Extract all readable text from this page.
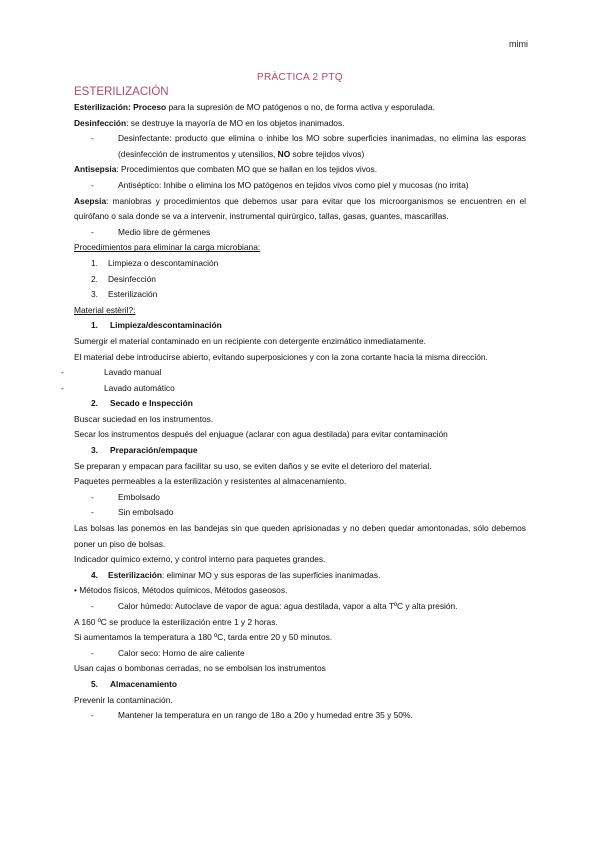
mimi
PRÀCTICA 2 PTQ
ESTERILIZACIÓN

Esterilización: Proceso para la supresión de MO patógenos o no, de forma activa y esporulada.

Desinfección: se destruye la mayoría de MO en los objetos inanimados.

-	Desinfectante: producto que elimina o inhibe los MO sobre superficies inanimadas, no elimina las esporas (desinfección de instrumentos y utensilios, NO sobre tejidos vivos)

Antisepsia: Procedimientos que combaten MO que se hallan en los tejidos vivos.

-	Antiséptico: Inhibe o elimina los MO patógenos en tejidos vivos como piel y mucosas (no irrita)

Asepsia: maniobras y procedimientos que debemos usar para evitar que los microorganismos se encuentren en el quirófano o sala donde se va a intervenir, instrumental quirúrgico, tallas, gasas, guantes, mascarillas.

-	Medio libre de gérmenes

Procedimientos para eliminar la carga microbiana:

1. Limpieza o descontaminación

2. Desinfección

3. Esterilización

Material estèril?:

1. Limpieza/descontaminación

Sumergir el material contaminado en un recipiente con detergente enzimático inmediatamente.

El material debe introducirse abierto, evitando superposiciones y con la zona cortante hacia la misma dirección.

-	Lavado manual

-	Lavado automático

2. Secado e Inspección

Buscar suciedad en los instrumentos.

Secar los instrumentos después del enjuague (aclarar con agua destilada) para evitar contaminación

3. Preparación/empaque

Se preparan y empacan para facilitar su uso, se eviten daños y se evite el deterioro del material.

Paquetes permeables a la esterilización y resistentes al almacenamiento.

-	Embolsado

-	Sin embolsado

Las bolsas las ponemos en las bandejas sin que queden aprisionadas y no deben quedar amontonadas, sólo debemos poner un piso de bolsas.

Indicador químico externo, y control interno para paquetes grandes.

4. Esterilización: eliminar MO y sus esporas de las superficies inanimadas.

• Métodos físicos, Métodos químicos, Métodos gaseosos.

-	Calor húmedo: Autoclave de vapor de agua: agua destilada, vapor a alta TºC y alta presión.

A 160 ºC se produce la esterilización entre 1 y 2 horas.

Si aumentamos la temperatura a 180 ºC, tarda entre 20 y 50 minutos.

-	Calor seco: Horno de aire caliente

Usan cajas o bombonas cerradas, no se embolsan los instrumentos

5. Almacenamiento

Prevenir la contaminación.

-	Mantener la temperatura en un rango de 18o a 20o y humedad entre 35 y 50%.
